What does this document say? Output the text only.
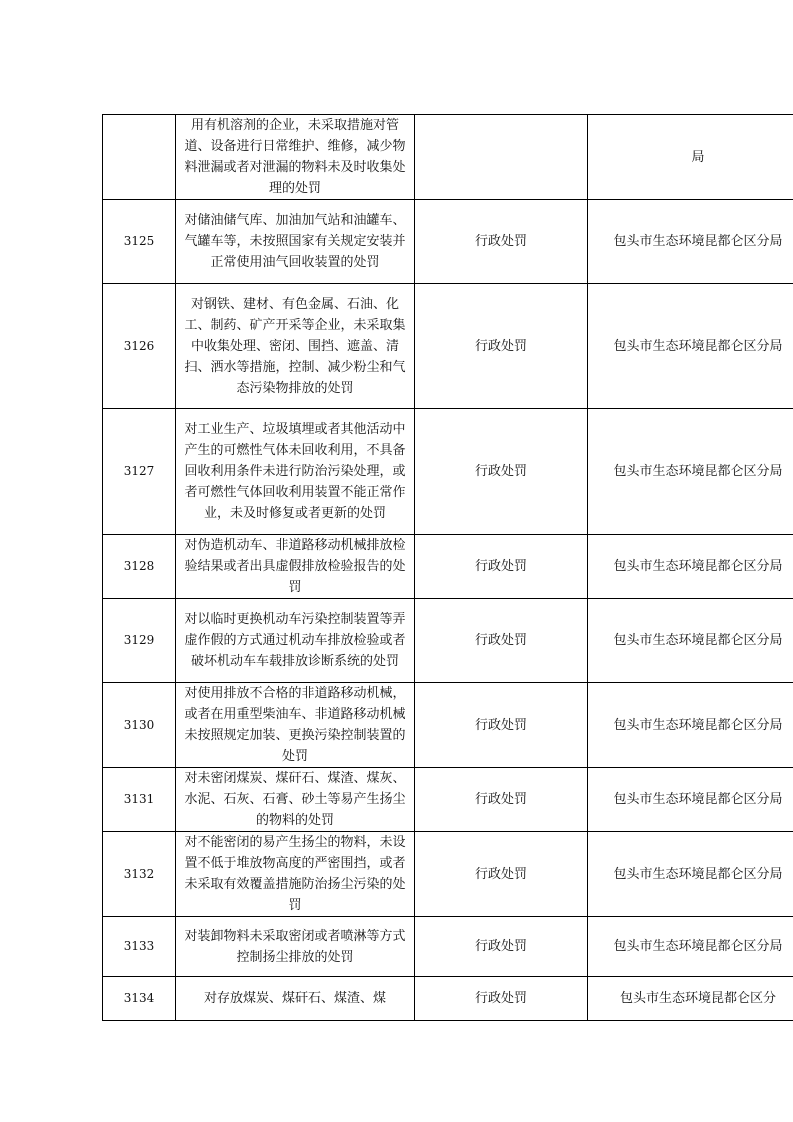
	用有机溶剂的企业，未采取措施对管道、设备进行日常维护、维修，减少物料泄漏或者对泄漏的物料未及时收集处理的处罚		局

3125	对储油储气库、加油加气站和油罐车、气罐车等，未按照国家有关规定安装并正常使用油气回收装置的处罚	行政处罚	包头市生态环境昆都仑区分局

3126	对钢铁、建材、有色金属、石油、化工、制药、矿产开采等企业，未采取集中收集处理、密闭、围挡、遮盖、清扫、洒水等措施，控制、减少粉尘和气态污染物排放的处罚	行政处罚	包头市生态环境昆都仑区分局

3127	对工业生产、垃圾填埋或者其他活动中产生的可燃性气体未回收利用，不具备回收利用条件未进行防治污染处理，或者可燃性气体回收利用装置不能正常作业，未及时修复或者更新的处罚	行政处罚	包头市生态环境昆都仑区分局

3128	对伪造机动车、非道路移动机械排放检验结果或者出具虚假排放检验报告的处罚	行政处罚	包头市生态环境昆都仑区分局

3129	对以临时更换机动车污染控制装置等弄虚作假的方式通过机动车排放检验或者破坏机动车车载排放诊断系统的处罚	行政处罚	包头市生态环境昆都仑区分局

3130	对使用排放不合格的非道路移动机械，或者在用重型柴油车、非道路移动机械未按照规定加装、更换污染控制装置的处罚	行政处罚	包头市生态环境昆都仑区分局

3131	对未密闭煤炭、煤矸石、煤渣、煤灰、水泥、石灰、石膏、砂土等易产生扬尘的物料的处罚	行政处罚	包头市生态环境昆都仑区分局

3132	对不能密闭的易产生扬尘的物料，未设置不低于堆放物高度的严密围挡，或者未采取有效覆盖措施防治扬尘污染的处罚	行政处罚	包头市生态环境昆都仑区分局

3133	对装卸物料未采取密闭或者喷淋等方式控制扬尘排放的处罚	行政处罚	包头市生态环境昆都仑区分局

3134	对存放煤炭、煤矸石、煤渣、煤	行政处罚	包头市生态环境昆都仑区分
